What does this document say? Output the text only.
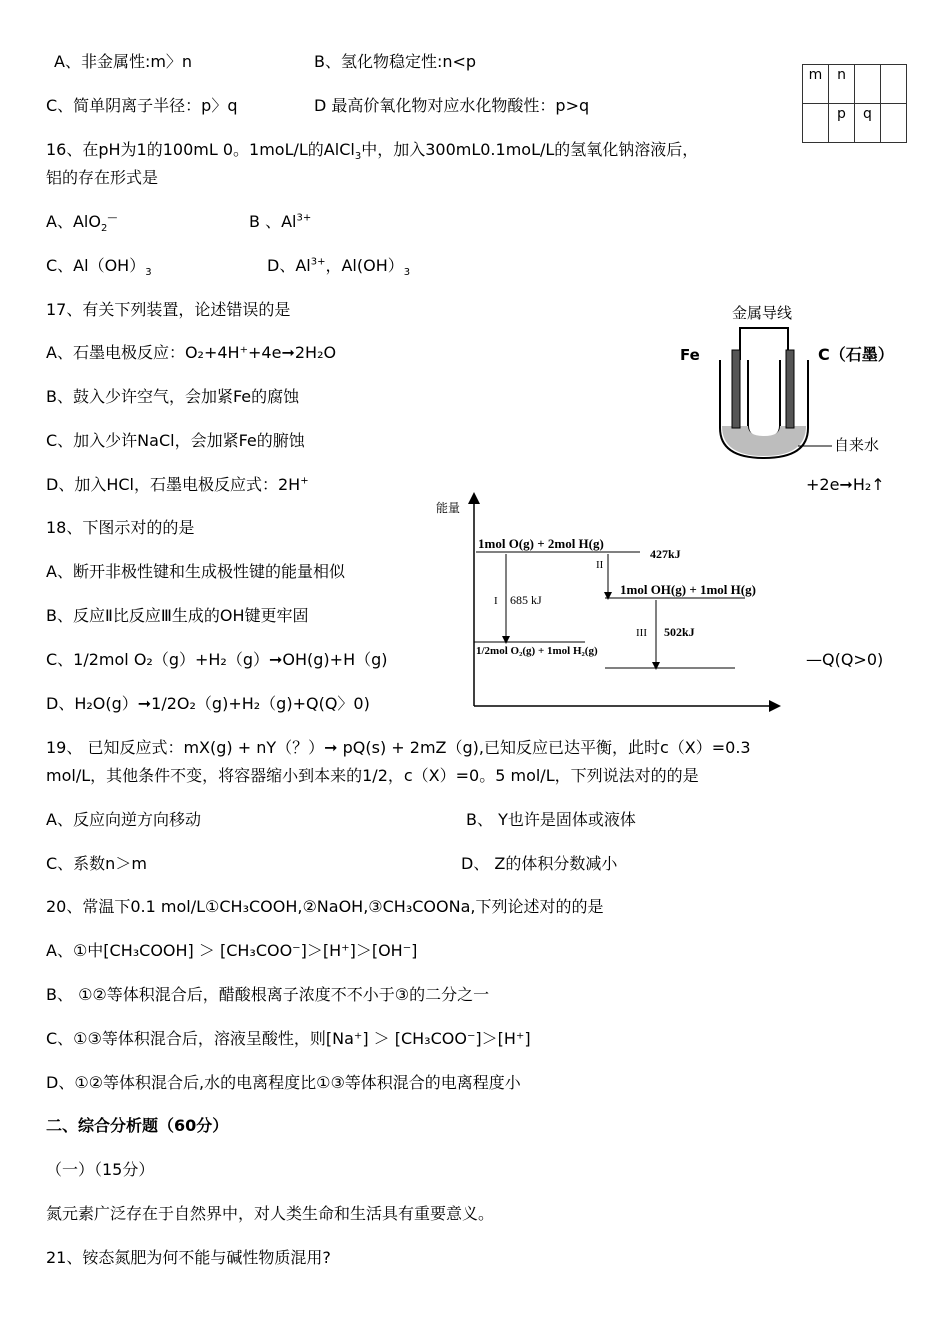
A、非金属性:m〉n	B、氢化物稳定性:n<p
C、简单阴离子半径：p〉q	D 最高价氧化物对应水化物酸性：p>q
m	n		
	p	q	
16、在pH为1的100mL 0。1moL/L的AlCl$_3$中，加入300mL0.1moL/L的氢氧化钠溶液后，
铝的存在形式是
A、AlO$_2$—	B 、$Al^{3+}$
C、$Al(OH)_3$	D、$Al^{3+}$，$Al(OH)_3$
17、有关下列装置，论述错误的是
A、石墨电极反应：O₂+4H⁺+4e➞2H₂O
B、鼓入少许空气，会加紧Fe的腐蚀
C、加入少许NaCl，会加紧Fe的腑蚀
D、加入HCl，石墨电极反应式：2H+	+2e➞H₂↑
金属导线
Fe	C（石墨）
自来水
18、下图示对的的是
A、断开非极性键和生成极性键的能量相似
B、反应Ⅱ比反应Ⅲ生成的OH键更牢固
C、1/2mol O₂（g）+H₂（g）➞OH(g)+H（g)	—Q(Q>0)
D、H₂O(g）➞1/2O₂（g)+H₂（g)+Q(Q〉0)
能量
1mol O(g) + 2mol H(g)
1mol OH(g) + 1mol H(g)
1/2mol O₂(g) + 1mol H₂(g)
I 685 kJ
II
427kJ
III 502kJ
19、 已知反应式：mX(g) + nY（？）➞ pQ(s) + 2mZ（g),已知反应已达平衡，此时c（X）=0.3
mol/L，其他条件不变，将容器缩小到本来的1/2，c（X）=0。5 mol/L，下列说法对的的是
A、反应向逆方向移动	B、 Y也许是固体或液体
C、系数n＞m	D、 Z的体积分数减小
20、常温下0.1 mol/L①CH₃COOH,②NaOH,③CH₃COONa,下列论述对的的是
A、①中[CH₃COOH] ＞ [CH₃COO⁻]＞[H⁺]＞[OH⁻]
B、 ①②等体积混合后，醋酸根离子浓度不不小于③的二分之一
C、①③等体积混合后，溶液呈酸性，则[Na⁺] ＞ [CH₃COO⁻]＞[H⁺]
D、①②等体积混合后,水的电离程度比①③等体积混合的电离程度小
二、综合分析题（60分）
（一）（15分）
氮元素广泛存在于自然界中，对人类生命和生活具有重要意义。
21、铵态氮肥为何不能与碱性物质混用?
